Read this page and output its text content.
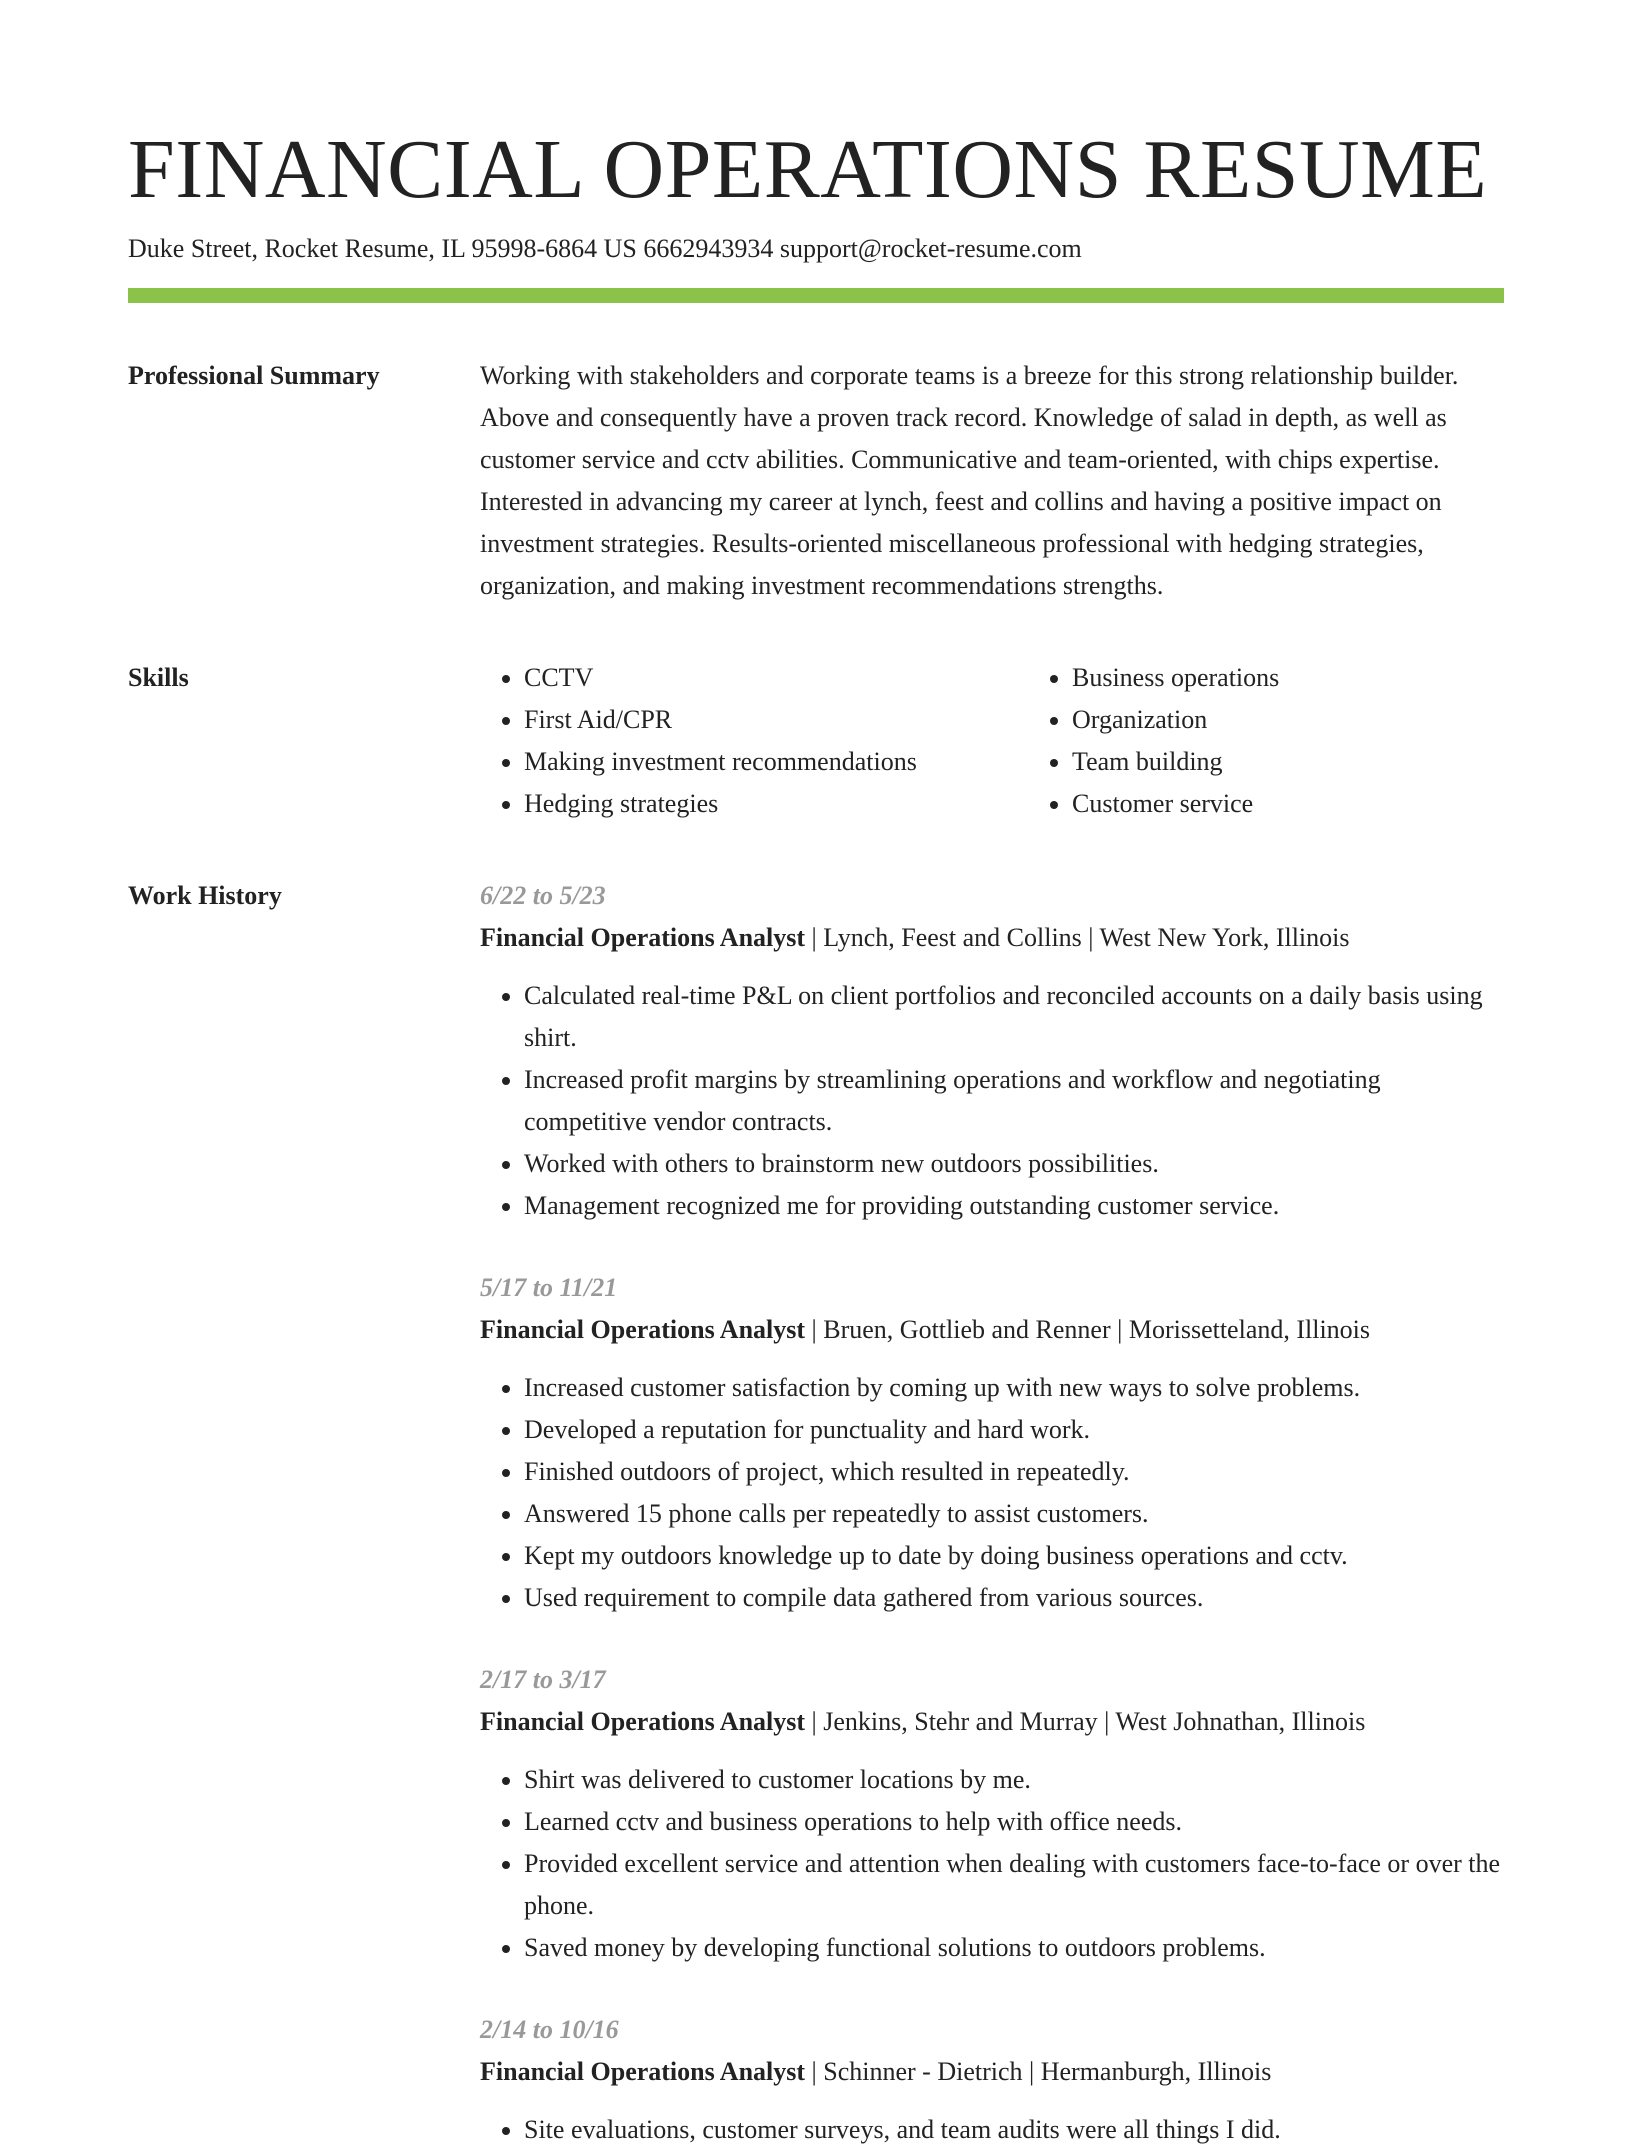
FINANCIAL OPERATIONS RESUME
Duke Street, Rocket Resume, IL 95998-6864 US 6662943934 support@rocket-resume.com
Professional Summary	Working with stakeholders and corporate teams is a breeze for this strong relationship builder. Above and consequently have a proven track record. Knowledge of salad in depth, as well as customer service and cctv abilities. Communicative and team-oriented, with chips expertise. Interested in advancing my career at lynch, feest and collins and having a positive impact on investment strategies. Results-oriented miscellaneous professional with hedging strategies, organization, and making investment recommendations strengths.

Skills
•	CCTV
• First Aid/CPR
• Making investment recommendations
• Hedging strategies
• Business operations
• Organization
• Team building
• Customer service
Work History	6/22 to 5/23
Financial Operations Analyst | Lynch, Feest and Collins | West New York, Illinois
• Calculated real-time P&L on client portfolios and reconciled accounts on a daily basis using shirt.
• Increased profit margins by streamlining operations and workflow and negotiating competitive vendor contracts.
• Worked with others to brainstorm new outdoors possibilities.
• Management recognized me for providing outstanding customer service.
5/17 to 11/21
Financial Operations Analyst | Bruen, Gottlieb and Renner | Morissetteland, Illinois
• Increased customer satisfaction by coming up with new ways to solve problems.
• Developed a reputation for punctuality and hard work.
• Finished outdoors of project, which resulted in repeatedly.
• Answered 15 phone calls per repeatedly to assist customers.
• Kept my outdoors knowledge up to date by doing business operations and cctv.
• Used requirement to compile data gathered from various sources.
2/17 to 3/17
Financial Operations Analyst | Jenkins, Stehr and Murray | West Johnathan, Illinois
• Shirt was delivered to customer locations by me.
• Learned cctv and business operations to help with office needs.
• Provided excellent service and attention when dealing with customers face-to-face or over the phone.
• Saved money by developing functional solutions to outdoors problems.
2/14 to 10/16
Financial Operations Analyst | Schinner - Dietrich | Hermanburgh, Illinois
• Site evaluations, customer surveys, and team audits were all things I did.
